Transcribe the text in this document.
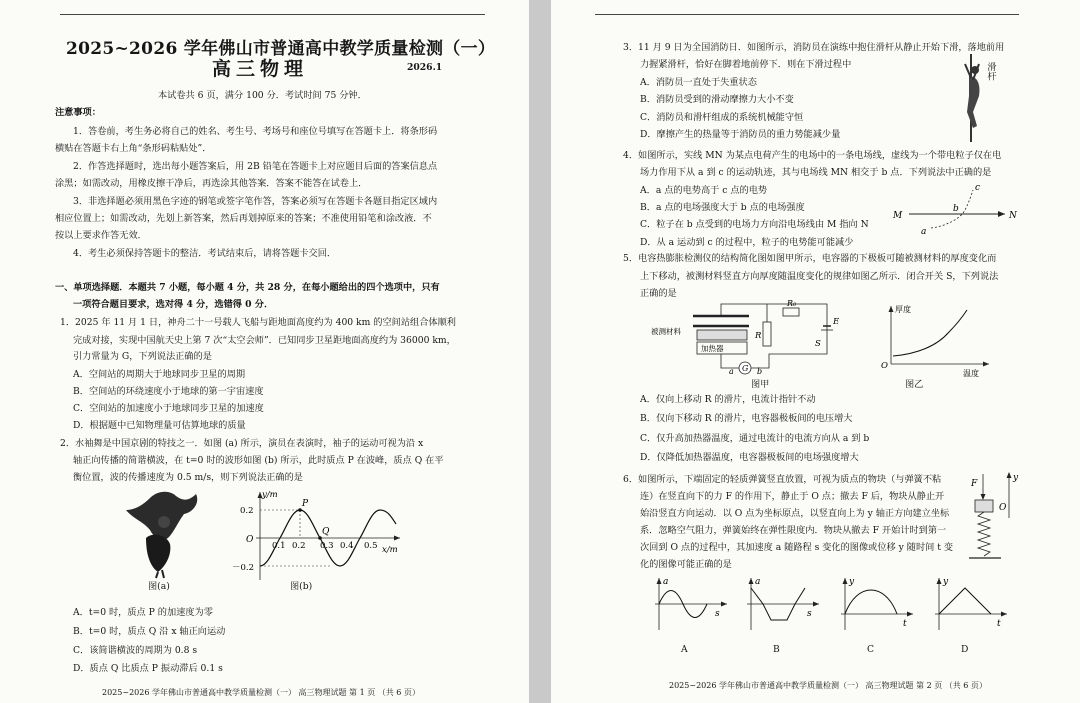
2025~2026 学年佛山市普通高中教学质量检测（一）
高三物理	2026.1
本试卷共 6 页，满分 100 分．考试时间 75 分钟．
注意事项：
1．答卷前，考生务必将自己的姓名、考生号、考场号和座位号填写在答题卡上．将条形码
横贴在答题卡右上角“条形码粘贴处”．
2．作答选择题时，选出每小题答案后，用 2B 铅笔在答题卡上对应题目后面的答案信息点
涂黑；如需改动，用橡皮擦干净后，再选涂其他答案．答案不能答在试卷上．
3．非选择题必须用黑色字迹的钢笔或签字笔作答，答案必须写在答题卡各题目指定区域内
相应位置上；如需改动，先划上新答案，然后再划掉原来的答案；不准使用铅笔和涂改液．不
按以上要求作答无效．
4．考生必须保持答题卡的整洁．考试结束后，请将答题卡交回．
一、单项选择题．本题共 7 小题，每小题 4 分，共 28 分，在每小题给出的四个选项中，只有
一项符合题目要求，选对得 4 分，选错得 0 分．
1．2025 年 11 月 1 日，神舟二十一号载人飞船与距地面高度约为 400 km 的空间站组合体顺利
完成对接，实现中国航天史上第 7 次“太空会师”．已知同步卫星距地面高度约为 36000 km，
引力常量为 G，下列说法正确的是
A．空间站的周期大于地球同步卫星的周期
B．空间站的环绕速度小于地球的第一宇宙速度
C．空间站的加速度小于地球同步卫星的加速度
D．根据题中已知物理量可估算地球的质量
2．水袖舞是中国京剧的特技之一．如图 (a) 所示，演员在表演时，袖子的运动可视为沿 x
轴正向传播的简谐横波，在 t=0 时的波形如图 (b) 所示，此时质点 P 在波峰，质点 Q 在平
衡位置，波的传播速度为 0.5 m/s，则下列说法正确的是
图(a)
y/m
x/m
0.2
O
－0.2
0.1 0.2 0.3 0.4 0.5
P
Q
图(b)
A．t=0 时，质点 P 的加速度为零
B．t=0 时，质点 Q 沿 x 轴正向运动
C．该简谐横波的周期为 0.8 s
D．质点 Q 比质点 P 振动滞后 0.1 s
2025~2026 学年佛山市普通高中教学质量检测（一） 高三物理试题 第 1 页 （共 6 页）
3．11 月 9 日为全国消防日．如图所示，消防员在演练中抱住滑杆从静止开始下滑，落地前用
力握紧滑杆，恰好在脚着地前停下．则在下滑过程中
A．消防员一直处于失重状态
B．消防员受到的滑动摩擦力大小不变
C．消防员和滑杆组成的系统机械能守恒
D．摩擦产生的热量等于消防员的重力势能减少量
滑杆
4．如图所示，实线 MN 为某点电荷产生的电场中的一条电场线，虚线为一个带电粒子仅在电
场力作用下从 a 到 c 的运动轨迹，其与电场线 MN 相交于 b 点．下列说法中正确的是
A．a 点的电势高于 c 点的电势
B．a 点的电场强度大于 b 点的电场强度
C．粒子在 b 点受到的电场力方向沿电场线由 M 指向 N
D．从 a 运动到 c 的过程中，粒子的电势能可能减少
M	N
a
b
c
5．电容热膨胀检测仪的结构简化图如图甲所示，电容器的下极板可随被测材料的厚度变化而
上下移动，被测材料竖直方向厚度随温度变化的规律如图乙所示．闭合开关 S，下列说法
正确的是
被测材料
加热器
R
R₀
E
S
G
a	b
图甲
厚度
温度
O
图乙
A．仅向上移动 R 的滑片，电流计指针不动
B．仅向下移动 R 的滑片，电容器极板间的电压增大
C．仅升高加热器温度，通过电流计的电流方向从 a 到 b
D．仅降低加热器温度，电容器极板间的电场强度增大
6．如图所示，下端固定的轻质弹簧竖直放置，可视为质点的物块（与弹簧不粘
连）在竖直向下的力 F 的作用下，静止于 O 点；撤去 F 后，物块从静止开
始沿竖直方向运动．以 O 点为坐标原点，以竖直向上为 y 轴正方向建立坐标
系．忽略空气阻力，弹簧始终在弹性限度内．物块从撤去 F 开始计时到第一
次回到 O 点的过程中，其加速度 a 随路程 s 变化的图像或位移 y 随时间 t 变
化的图像可能正确的是
F
y
O
a
s
A
a
s
B
y
t
C
y
t
D
2025~2026 学年佛山市普通高中教学质量检测（一） 高三物理试题 第 2 页 （共 6 页）
